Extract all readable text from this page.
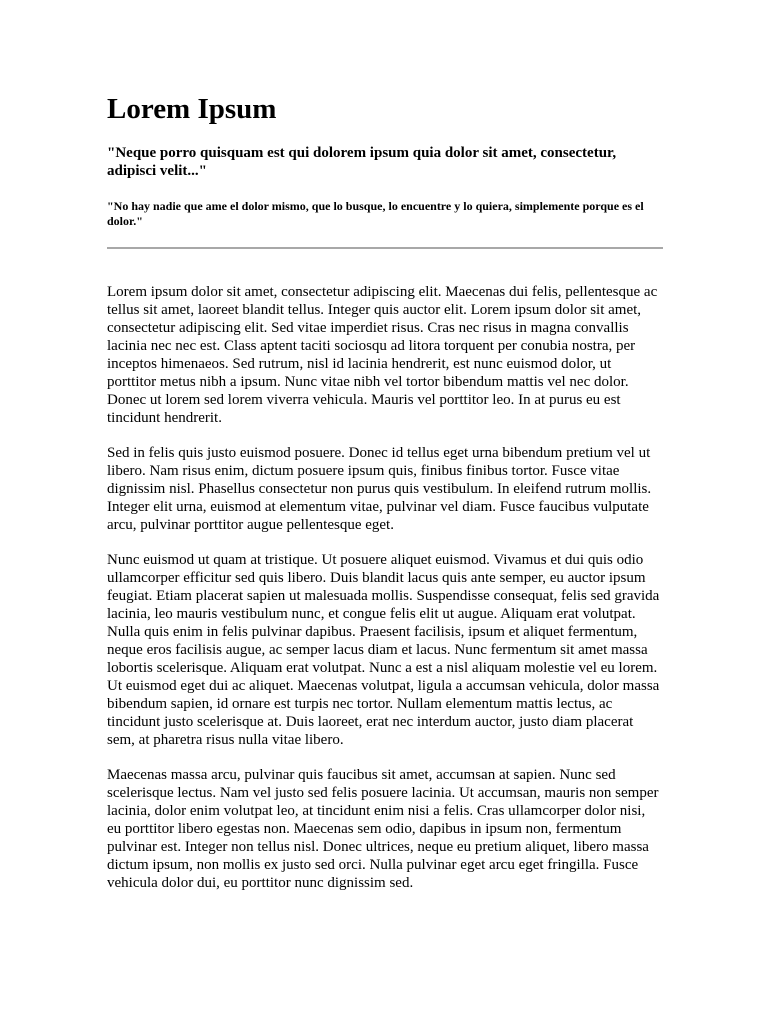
Lorem Ipsum

"Neque porro quisquam est qui dolorem ipsum quia dolor sit amet, consectetur, adipisci velit..."

"No hay nadie que ame el dolor mismo, que lo busque, lo encuentre y lo quiera, simplemente porque es el dolor."

Lorem ipsum dolor sit amet, consectetur adipiscing elit. Maecenas dui felis, pellentesque ac tellus sit amet, laoreet blandit tellus. Integer quis auctor elit. Lorem ipsum dolor sit amet, consectetur adipiscing elit. Sed vitae imperdiet risus. Cras nec risus in magna convallis lacinia nec nec est. Class aptent taciti sociosqu ad litora torquent per conubia nostra, per inceptos himenaeos. Sed rutrum, nisl id lacinia hendrerit, est nunc euismod dolor, ut porttitor metus nibh a ipsum. Nunc vitae nibh vel tortor bibendum mattis vel nec dolor. Donec ut lorem sed lorem viverra vehicula. Mauris vel porttitor leo. In at purus eu est tincidunt hendrerit.

Sed in felis quis justo euismod posuere. Donec id tellus eget urna bibendum pretium vel ut libero. Nam risus enim, dictum posuere ipsum quis, finibus finibus tortor. Fusce vitae dignissim nisl. Phasellus consectetur non purus quis vestibulum. In eleifend rutrum mollis. Integer elit urna, euismod at elementum vitae, pulvinar vel diam. Fusce faucibus vulputate arcu, pulvinar porttitor augue pellentesque eget.

Nunc euismod ut quam at tristique. Ut posuere aliquet euismod. Vivamus et dui quis odio ullamcorper efficitur sed quis libero. Duis blandit lacus quis ante semper, eu auctor ipsum feugiat. Etiam placerat sapien ut malesuada mollis. Suspendisse consequat, felis sed gravida lacinia, leo mauris vestibulum nunc, et congue felis elit ut augue. Aliquam erat volutpat. Nulla quis enim in felis pulvinar dapibus. Praesent facilisis, ipsum et aliquet fermentum, neque eros facilisis augue, ac semper lacus diam et lacus. Nunc fermentum sit amet massa lobortis scelerisque. Aliquam erat volutpat. Nunc a est a nisl aliquam molestie vel eu lorem. Ut euismod eget dui ac aliquet. Maecenas volutpat, ligula a accumsan vehicula, dolor massa bibendum sapien, id ornare est turpis nec tortor. Nullam elementum mattis lectus, ac tincidunt justo scelerisque at. Duis laoreet, erat nec interdum auctor, justo diam placerat sem, at pharetra risus nulla vitae libero.

Maecenas massa arcu, pulvinar quis faucibus sit amet, accumsan at sapien. Nunc sed scelerisque lectus. Nam vel justo sed felis posuere lacinia. Ut accumsan, mauris non semper lacinia, dolor enim volutpat leo, at tincidunt enim nisi a felis. Cras ullamcorper dolor nisi, eu porttitor libero egestas non. Maecenas sem odio, dapibus in ipsum non, fermentum pulvinar est. Integer non tellus nisl. Donec ultrices, neque eu pretium aliquet, libero massa dictum ipsum, non mollis ex justo sed orci. Nulla pulvinar eget arcu eget fringilla. Fusce vehicula dolor dui, eu porttitor nunc dignissim sed.
